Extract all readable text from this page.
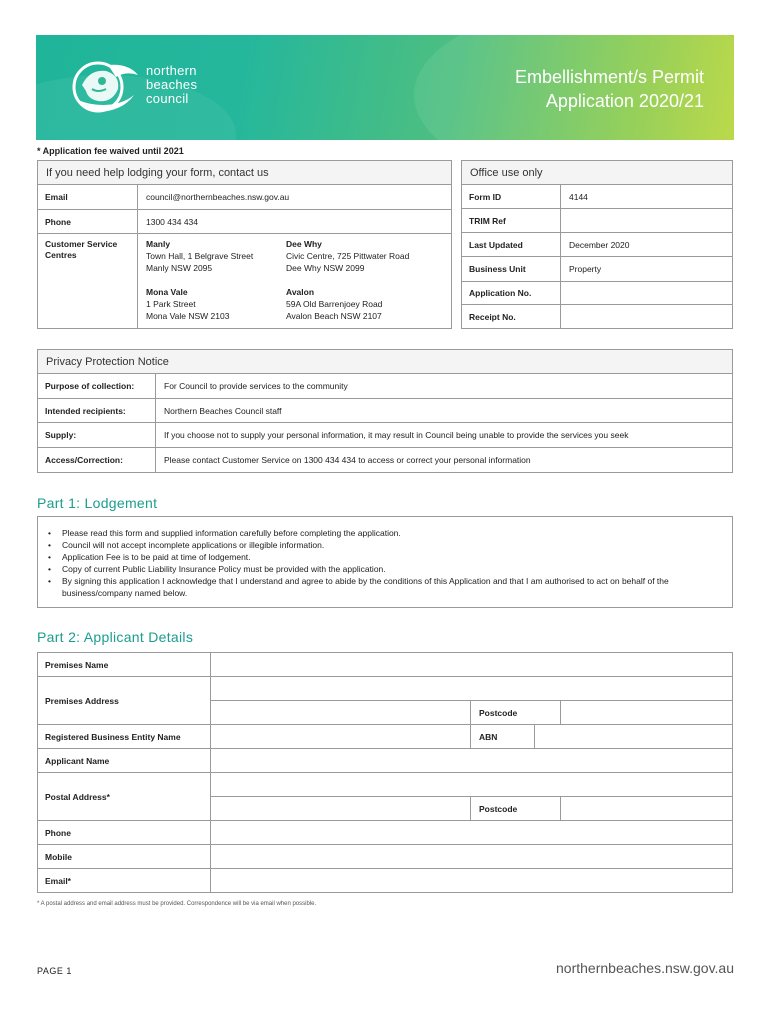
northern
beaches
council
Embellishment/s Permit
Application 2020/21
* Application fee waived until 2021
If you need help lodging your form, contact us
Email	council@northernbeaches.nsw.gov.au
Phone	1300 434 434
Customer Service Centres
Manly
Town Hall, 1 Belgrave Street
Manly NSW 2095
Dee Why
Civic Centre, 725 Pittwater Road
Dee Why NSW 2099
Mona Vale
1 Park Street
Mona Vale NSW 2103
Avalon
59A Old Barrenjoey Road
Avalon Beach NSW 2107
Office use only
Form ID	4144
TRIM Ref
Last Updated	December 2020
Business Unit	Property
Application No.
Receipt No.
Privacy Protection Notice
Purpose of collection:	For Council to provide services to the community
Intended recipients:	Northern Beaches Council staff
Supply:	If you choose not to supply your personal information, it may result in Council being unable to provide the services you seek
Access/Correction:	Please contact Customer Service on 1300 434 434 to access or correct your personal information
Part 1: Lodgement
• Please read this form and supplied information carefully before completing the application.
• Council will not accept incomplete applications or illegible information.
• Application Fee is to be paid at time of lodgement.
• Copy of current Public Liability Insurance Policy must be provided with the application.
• By signing this application I acknowledge that I understand and agree to abide by the conditions of this Application and that I am authorised to act on behalf of the business/company named below.
Part 2: Applicant Details
Premises Name
Premises Address
Postcode
Registered Business Entity Name	ABN
Applicant Name
Postal Address*
Postcode
Phone
Mobile
Email*
* A postal address and email address must be provided. Correspondence will be via email when possible.
PAGE 1	northernbeaches.nsw.gov.au
